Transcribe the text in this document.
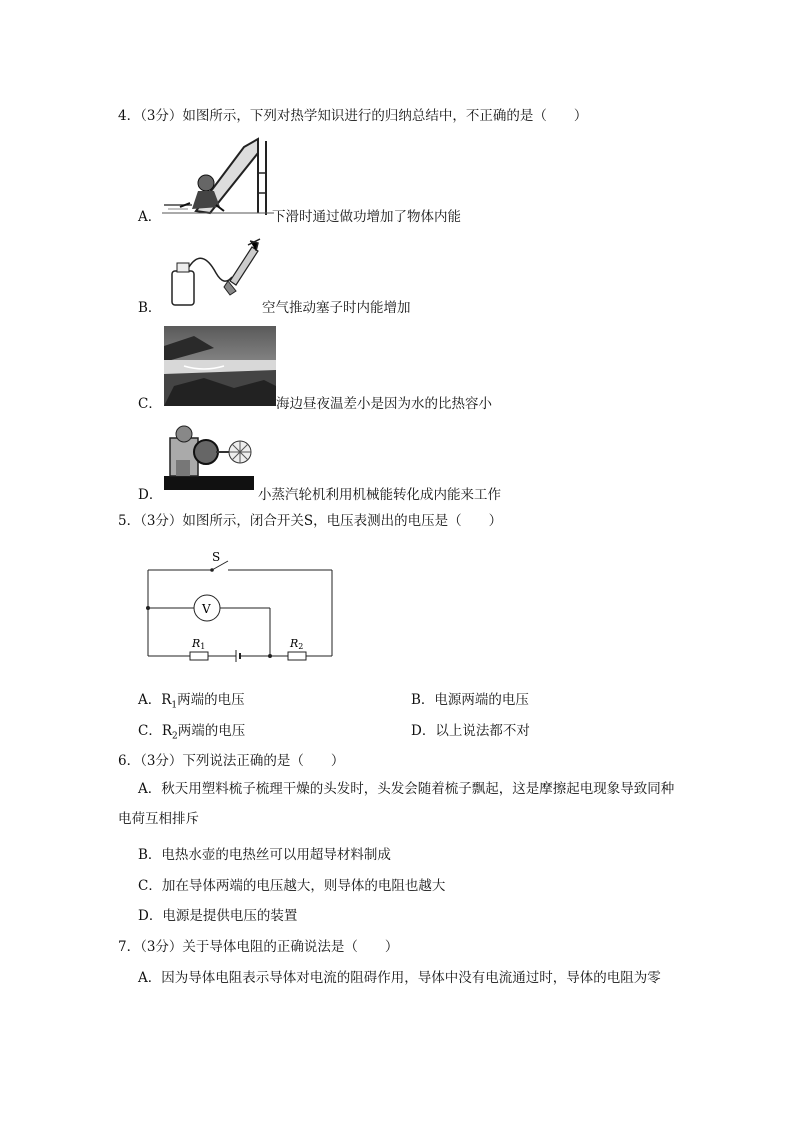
4．（3分）如图所示，下列对热学知识进行的归纳总结中，不正确的是（　　）
A．	下滑时通过做功增加了物体内能
B．	空气推动塞子时内能增加
C．	海边昼夜温差小是因为水的比热容小
D．	小蒸汽轮机利用机械能转化成内能来工作
5．（3分）如图所示，闭合开关S，电压表测出的电压是（　　）
S
V
R1	R2
A．$R_1$两端的电压	B．电源两端的电压
C．$R_2$两端的电压	D．以上说法都不对
6．（3分）下列说法正确的是（　　）
A．秋天用塑料梳子梳理干燥的头发时，头发会随着梳子飘起，这是摩擦起电现象导致同种电荷互相排斥
B．电热水壶的电热丝可以用超导材料制成
C．加在导体两端的电压越大，则导体的电阻也越大
D．电源是提供电压的装置
7．（3分）关于导体电阻的正确说法是（　　）
A．因为导体电阻表示导体对电流的阻碍作用，导体中没有电流通过时，导体的电阻为零
